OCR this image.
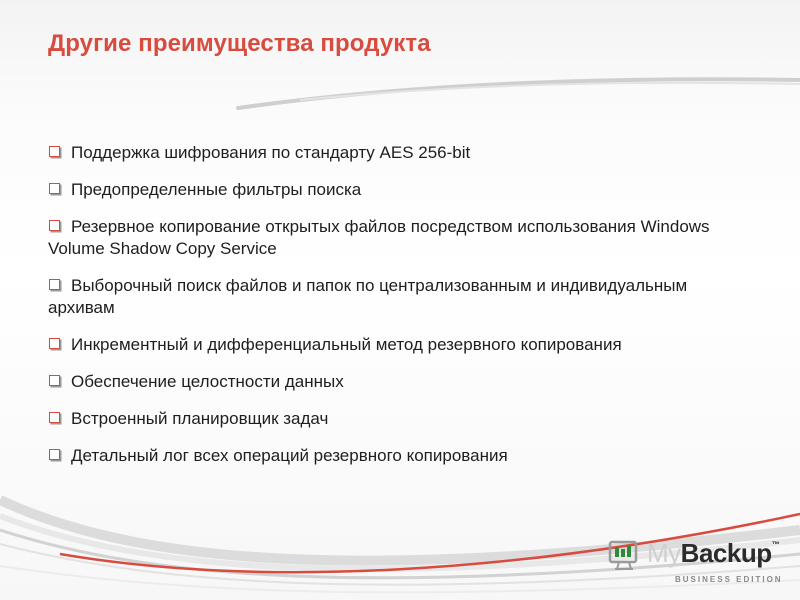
Другие преимущества продукта
Поддержка шифрования по стандарту AES 256-bit
Предопределенные фильтры поиска
Резервное копирование открытых файлов посредством использования Windows Volume Shadow Copy Service
Выборочный поиск файлов и папок по централизованным и индивидуальным архивам
Инкрементный и дифференциальный метод резервного копирования
Обеспечение целостности данных
Встроенный планировщик задач
Детальный лог всех операций резервного копирования
MyBackup™
BUSINESS EDITION
